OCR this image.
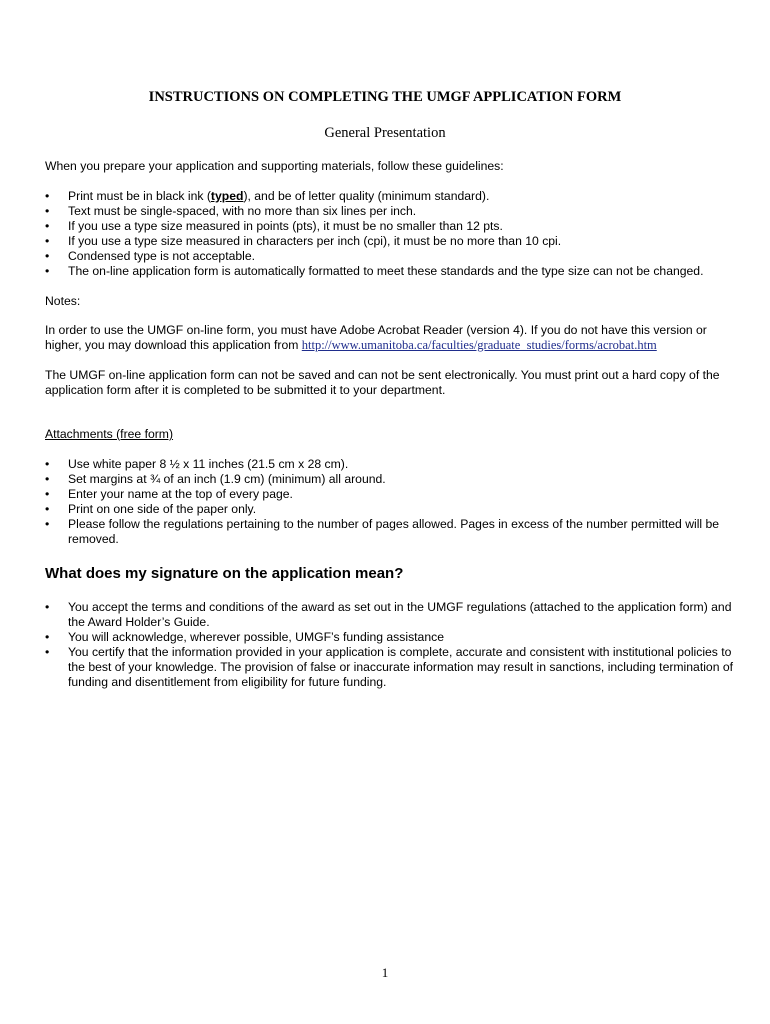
INSTRUCTIONS ON COMPLETING THE UMGF APPLICATION FORM
General Presentation

When you prepare your application and supporting materials, follow these guidelines:

• Print must be in black ink (typed), and be of letter quality (minimum standard).
• Text must be single-spaced, with no more than six lines per inch.
• If you use a type size measured in points (pts), it must be no smaller than 12 pts.
• If you use a type size measured in characters per inch (cpi), it must be no more than 10 cpi.
• Condensed type is not acceptable.
• The on-line application form is automatically formatted to meet these standards and the type size can not be changed.

Notes:

In order to use the UMGF on-line form, you must have Adobe Acrobat Reader (version 4). If you do not have this version or higher, you may download this application from http://www.umanitoba.ca/faculties/graduate_studies/forms/acrobat.htm

The UMGF on-line application form can not be saved and can not be sent electronically. You must print out a hard copy of the application form after it is completed to be submitted it to your department.

Attachments (free form)

• Use white paper 8 ½ x 11 inches (21.5 cm x 28 cm).
• Set margins at ¾ of an inch (1.9 cm) (minimum) all around.
• Enter your name at the top of every page.
• Print on one side of the paper only.
• Please follow the regulations pertaining to the number of pages allowed. Pages in excess of the number permitted will be removed.
What does my signature on the application mean?
• You accept the terms and conditions of the award as set out in the UMGF regulations (attached to the application form) and the Award Holder’s Guide.
• You will acknowledge, wherever possible, UMGF’s funding assistance
• You certify that the information provided in your application is complete, accurate and consistent with institutional policies to the best of your knowledge. The provision of false or inaccurate information may result in sanctions, including termination of funding and disentitlement from eligibility for future funding.
1
